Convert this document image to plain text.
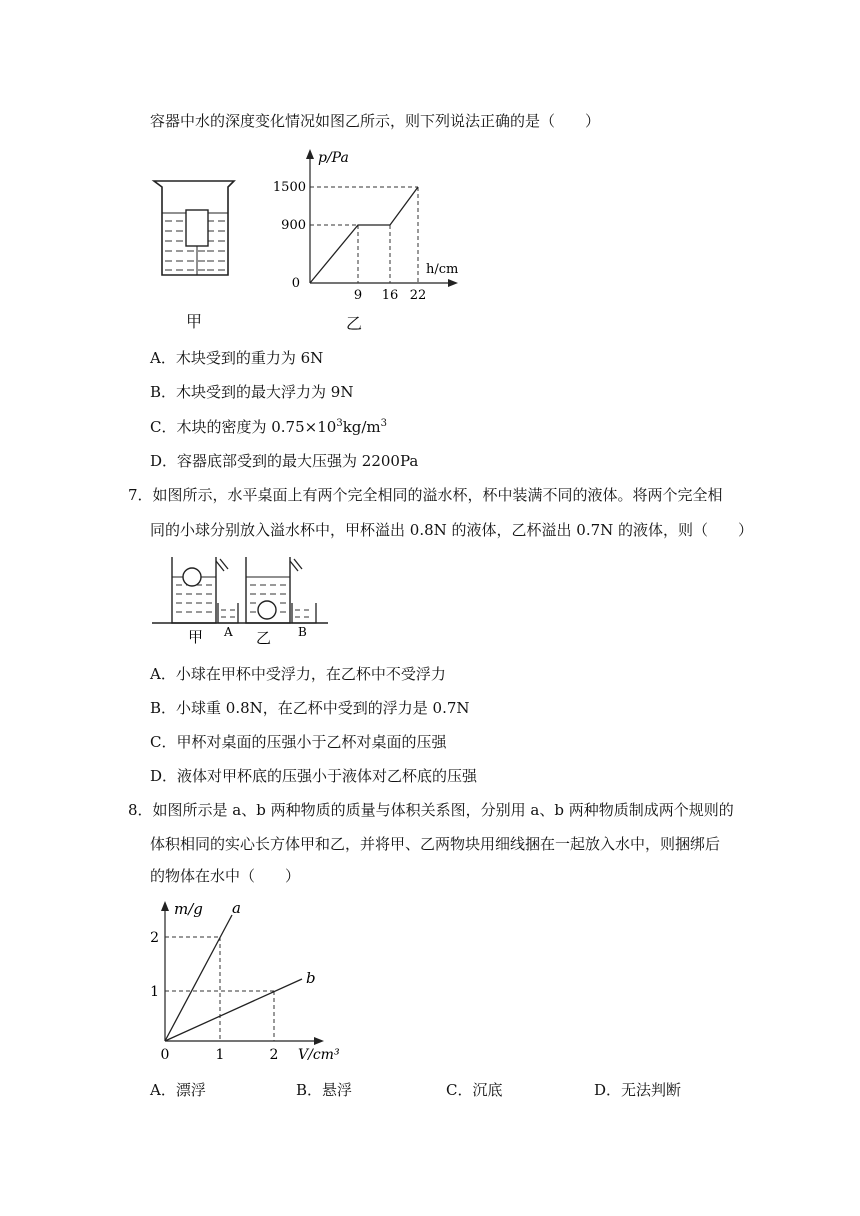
容器中水的深度变化情况如图乙所示，则下列说法正确的是（　　）
甲
p/Pa
h/cm
1500
900
0
9 16 22
乙
A．木块受到的重力为 6N
B．木块受到的最大浮力为 9N
C．木块的密度为 $0.75\times 10^3kg/m^3$
D．容器底部受到的最大压强为 2200Pa
7．如图所示，水平桌面上有两个完全相同的溢水杯，杯中装满不同的液体。将两个完全相
同的小球分别放入溢水杯中，甲杯溢出 0.8N 的液体，乙杯溢出 0.7N 的液体，则（　　）
甲 A 乙 B
A．小球在甲杯中受浮力，在乙杯中不受浮力
B．小球重 0.8N，在乙杯中受到的浮力是 0.7N
C．甲杯对桌面的压强小于乙杯对桌面的压强
D．液体对甲杯底的压强小于液体对乙杯底的压强
8．如图所示是 a、b 两种物质的质量与体积关系图，分别用 a、b 两种物质制成两个规则的
体积相同的实心长方体甲和乙，并将甲、乙两物块用细线捆在一起放入水中，则捆绑后
的物体在水中（　　）
m/g a
b
2
1
0	1	2 V/cm³
A．漂浮	B．悬浮	C．沉底	D．无法判断
